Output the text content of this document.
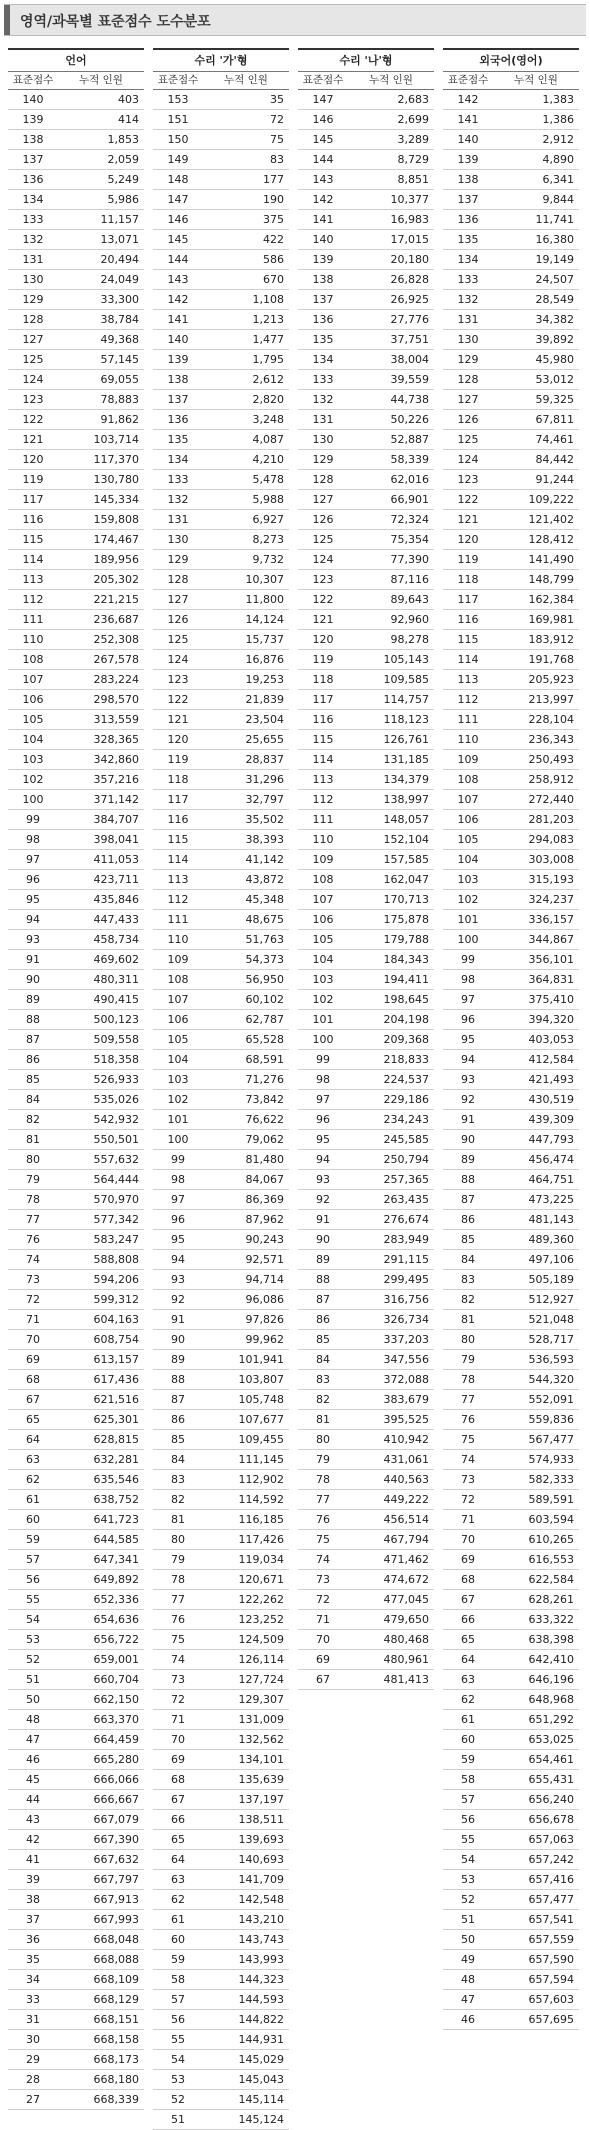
영역/과목별 표준점수 도수분포
언어
표준점수	누적 인원
140	403
139	414
138	1,853
137	2,059
136	5,249
134	5,986
133	11,157
132	13,071
131	20,494
130	24,049
129	33,300
128	38,784
127	49,368
125	57,145
124	69,055
123	78,883
122	91,862
121	103,714
120	117,370
119	130,780
117	145,334
116	159,808
115	174,467
114	189,956
113	205,302
112	221,215
111	236,687
110	252,308
108	267,578
107	283,224
106	298,570
105	313,559
104	328,365
103	342,860
102	357,216
100	371,142
99	384,707
98	398,041
97	411,053
96	423,711
95	435,846
94	447,433
93	458,734
91	469,602
90	480,311
89	490,415
88	500,123
87	509,558
86	518,358
85	526,933
84	535,026
82	542,932
81	550,501
80	557,632
79	564,444
78	570,970
77	577,342
76	583,247
74	588,808
73	594,206
72	599,312
71	604,163
70	608,754
69	613,157
68	617,436
67	621,516
65	625,301
64	628,815
63	632,281
62	635,546
61	638,752
60	641,723
59	644,585
57	647,341
56	649,892
55	652,336
54	654,636
53	656,722
52	659,001
51	660,704
50	662,150
48	663,370
47	664,459
46	665,280
45	666,066
44	666,667
43	667,079
42	667,390
41	667,632
39	667,797
38	667,913
37	667,993
36	668,048
35	668,088
34	668,109
33	668,129
31	668,151
30	668,158
29	668,173
28	668,180
27	668,339
수리 '가'형
표준점수	누적 인원
153	35
151	72
150	75
149	83
148	177
147	190
146	375
145	422
144	586
143	670
142	1,108
141	1,213
140	1,477
139	1,795
138	2,612
137	2,820
136	3,248
135	4,087
134	4,210
133	5,478
132	5,988
131	6,927
130	8,273
129	9,732
128	10,307
127	11,800
126	14,124
125	15,737
124	16,876
123	19,253
122	21,839
121	23,504
120	25,655
119	28,837
118	31,296
117	32,797
116	35,502
115	38,393
114	41,142
113	43,872
112	45,348
111	48,675
110	51,763
109	54,373
108	56,950
107	60,102
106	62,787
105	65,528
104	68,591
103	71,276
102	73,842
101	76,622
100	79,062
99	81,480
98	84,067
97	86,369
96	87,962
95	90,243
94	92,571
93	94,714
92	96,086
91	97,826
90	99,962
89	101,941
88	103,807
87	105,748
86	107,677
85	109,455
84	111,145
83	112,902
82	114,592
81	116,185
80	117,426
79	119,034
78	120,671
77	122,262
76	123,252
75	124,509
74	126,114
73	127,724
72	129,307
71	131,009
70	132,562
69	134,101
68	135,639
67	137,197
66	138,511
65	139,693
64	140,693
63	141,709
62	142,548
61	143,210
60	143,743
59	143,993
58	144,323
57	144,593
56	144,822
55	144,931
54	145,029
53	145,043
52	145,114
51	145,124
수리 '나'형
표준점수	누적 인원
147	2,683
146	2,699
145	3,289
144	8,729
143	8,851
142	10,377
141	16,983
140	17,015
139	20,180
138	26,828
137	26,925
136	27,776
135	37,751
134	38,004
133	39,559
132	44,738
131	50,226
130	52,887
129	58,339
128	62,016
127	66,901
126	72,324
125	75,354
124	77,390
123	87,116
122	89,643
121	92,960
120	98,278
119	105,143
118	109,585
117	114,757
116	118,123
115	126,761
114	131,185
113	134,379
112	138,997
111	148,057
110	152,104
109	157,585
108	162,047
107	170,713
106	175,878
105	179,788
104	184,343
103	194,411
102	198,645
101	204,198
100	209,368
99	218,833
98	224,537
97	229,186
96	234,243
95	245,585
94	250,794
93	257,365
92	263,435
91	276,674
90	283,949
89	291,115
88	299,495
87	316,756
86	326,734
85	337,203
84	347,556
83	372,088
82	383,679
81	395,525
80	410,942
79	431,061
78	440,563
77	449,222
76	456,514
75	467,794
74	471,462
73	474,672
72	477,045
71	479,650
70	480,468
69	480,961
67	481,413
외국어(영어)
표준점수	누적 인원
142	1,383
141	1,386
140	2,912
139	4,890
138	6,341
137	9,844
136	11,741
135	16,380
134	19,149
133	24,507
132	28,549
131	34,382
130	39,892
129	45,980
128	53,012
127	59,325
126	67,811
125	74,461
124	84,442
123	91,244
122	109,222
121	121,402
120	128,412
119	141,490
118	148,799
117	162,384
116	169,981
115	183,912
114	191,768
113	205,923
112	213,997
111	228,104
110	236,343
109	250,493
108	258,912
107	272,440
106	281,203
105	294,083
104	303,008
103	315,193
102	324,237
101	336,157
100	344,867
99	356,101
98	364,831
97	375,410
96	394,320
95	403,053
94	412,584
93	421,493
92	430,519
91	439,309
90	447,793
89	456,474
88	464,751
87	473,225
86	481,143
85	489,360
84	497,106
83	505,189
82	512,927
81	521,048
80	528,717
79	536,593
78	544,320
77	552,091
76	559,836
75	567,477
74	574,933
73	582,333
72	589,591
71	603,594
70	610,265
69	616,553
68	622,584
67	628,261
66	633,322
65	638,398
64	642,410
63	646,196
62	648,968
61	651,292
60	653,025
59	654,461
58	655,431
57	656,240
56	656,678
55	657,063
54	657,242
53	657,416
52	657,477
51	657,541
50	657,559
49	657,590
48	657,594
47	657,603
46	657,695
